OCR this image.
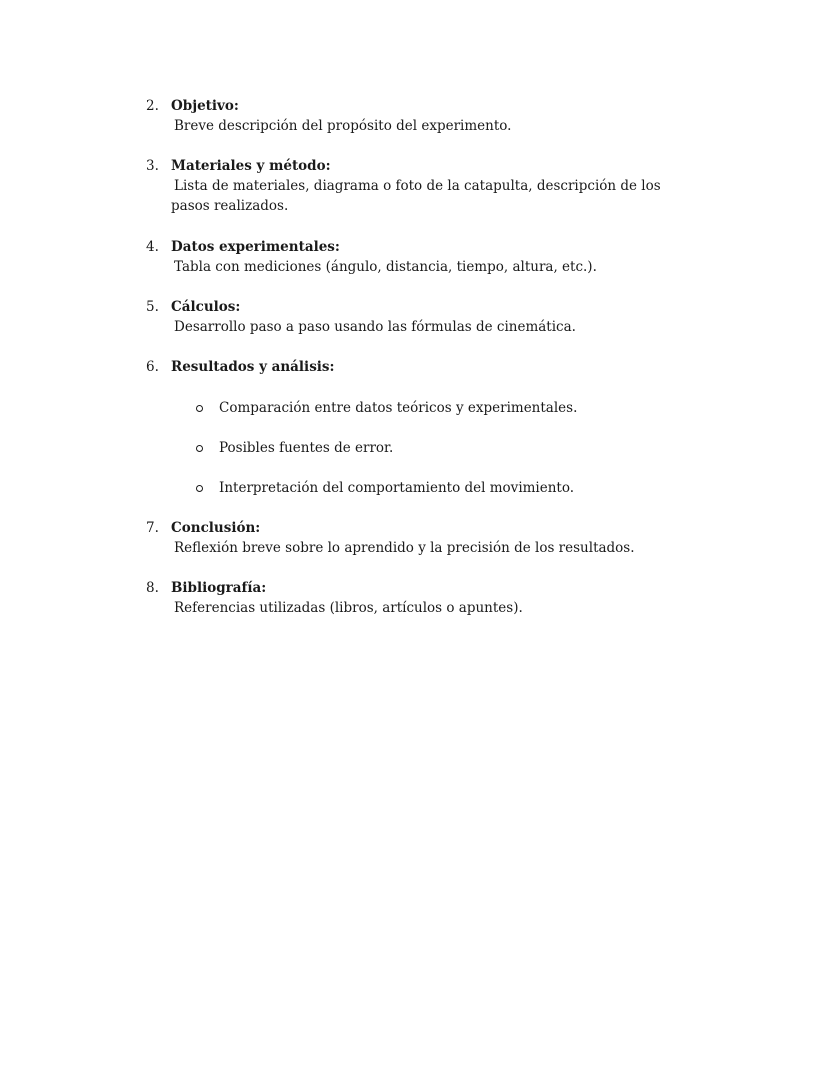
2. Objetivo:
Breve descripción del propósito del experimento.
3. Materiales y método:
Lista de materiales, diagrama o foto de la catapulta, descripción de los pasos realizados.
4. Datos experimentales:
Tabla con mediciones (ángulo, distancia, tiempo, altura, etc.).
5. Cálculos:
Desarrollo paso a paso usando las fórmulas de cinemática.
6. Resultados y análisis:
Comparación entre datos teóricos y experimentales.
Posibles fuentes de error.
Interpretación del comportamiento del movimiento.
7. Conclusión:
Reflexión breve sobre lo aprendido y la precisión de los resultados.
8. Bibliografía:
Referencias utilizadas (libros, artículos o apuntes).
